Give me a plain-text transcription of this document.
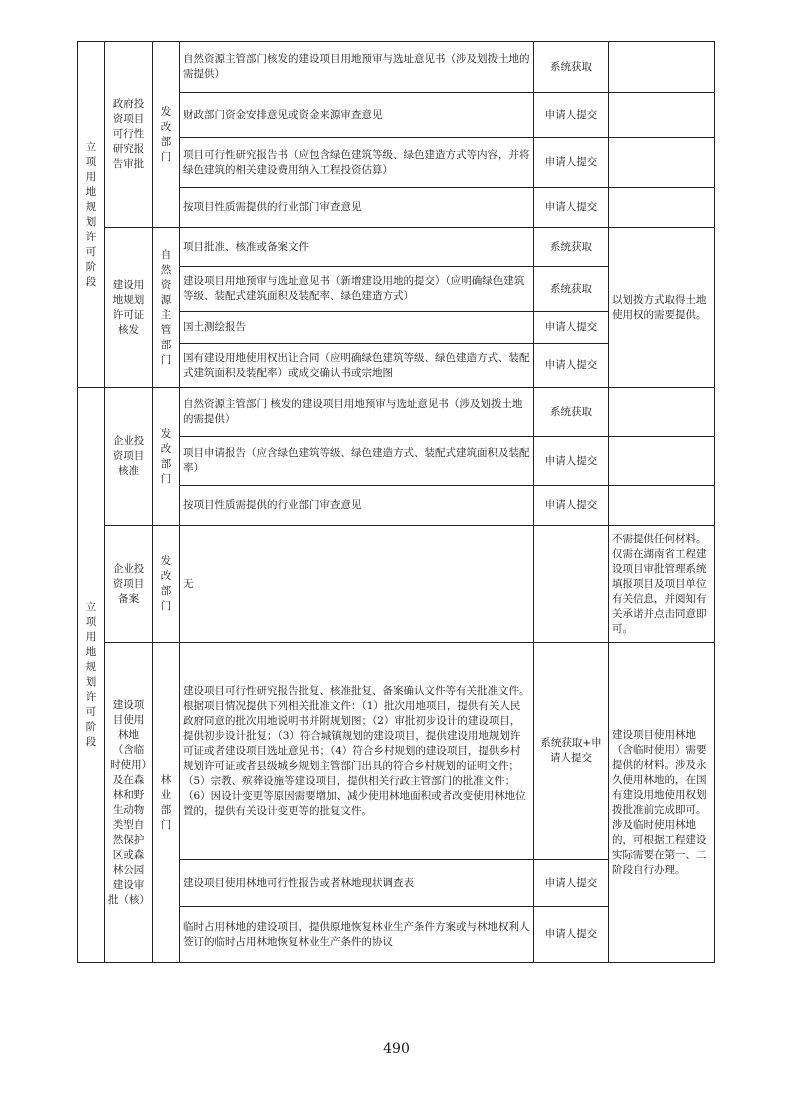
立项用地规划许可阶段	政府投资项目可行性研究报告审批	发改部门	自然资源主管部门核发的建设项目用地预审与选址意见书（涉及划拨土地的需提供）	系统获取	
			财政部门资金安排意见或资金来源审查意见	申请人提交	
			项目可行性研究报告书（应包含绿色建筑等级、绿色建造方式等内容，并将绿色建筑的相关建设费用纳入工程投资估算）	申请人提交	
			按项目性质需提供的行业部门审查意见	申请人提交	
	建设用地规划许可证核发	自然资源主管部门	项目批准、核准或备案文件	系统获取	以划拨方式取得土地使用权的需要提供。
			建设项目用地预审与选址意见书（新增建设用地的提交）（应明确绿色建筑等级、装配式建筑面积及装配率、绿色建造方式）	系统获取	
			国土测绘报告	申请人提交	
			国有建设用地使用权出让合同（应明确绿色建筑等级、绿色建造方式、装配式建筑面积及装配率）或成交确认书或宗地图	申请人提交	
立项用地规划许可阶段	企业投资项目核准	发改部门	自然资源主管部门 核发的建设项目用地预审与选址意见书（涉及划拨土地的需提供）	系统获取	
			项目申请报告（应含绿色建筑等级、绿色建造方式、装配式建筑面积及装配率）	申请人提交	
			按项目性质需提供的行业部门审查意见	申请人提交	
	企业投资项目备案	发改部门	无		不需提供任何材料。仅需在湖南省工程建设项目审批管理系统填报项目及项目单位有关信息，并阅知有关承诺并点击同意即可。
	建设项目使用林地（含临时使用）及在森林和野生动物类型自然保护区或森林公园建设审批（核）	林业部门	建设项目可行性研究报告批复、核准批复、备案确认文件等有关批准文件。根据项目情况提供下列相关批准文件：（1）批次用地项目，提供有关人民政府同意的批次用地说明书并附规划图；（2）审批初步设计的建设项目，提供初步设计批复；（3）符合城镇规划的建设项目，提供建设用地规划许可证或者建设项目选址意见书；（4）符合乡村规划的建设项目，提供乡村规划许可证或者县级城乡规划主管部门出具的符合乡村规划的证明文件；（5）宗教、殡葬设施等建设项目，提供相关行政主管部门的批准文件；（6）因设计变更等原因需要增加、减少使用林地面积或者改变使用林地位置的，提供有关设计变更等的批复文件。	系统获取+申请人提交	建设项目使用林地（含临时使用）需要提供的材料。涉及永久使用林地的，在国有建设用地使用权划拨批准前完成即可。涉及临时使用林地的，可根据工程建设实际需要在第一、二阶段自行办理。
			建设项目使用林地可行性报告或者林地现状调查表	申请人提交	
			临时占用林地的建设项目，提供原地恢复林业生产条件方案或与林地权利人签订的临时占用林地恢复林业生产条件的协议	申请人提交	
490
